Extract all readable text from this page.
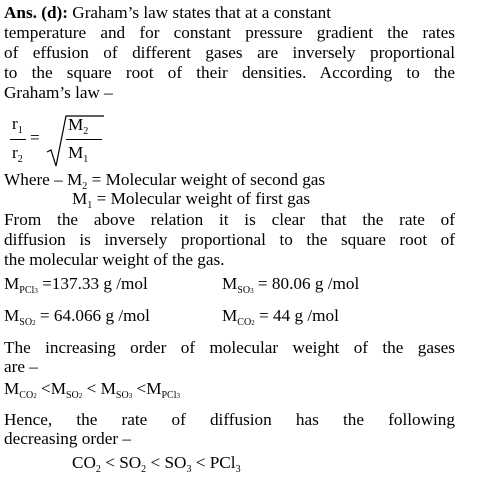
Ans. (d): Graham’s law states that at a constant
temperature and for constant pressure gradient the rates
of effusion of different gases are inversely proportional
to the square root of their densities. According to the
Graham’s law –
$r_1$
$r_2$
=
$M_2$
$M_1$
Where – $M_2$ = Molecular weight of second gas
$M_1$ = Molecular weight of first gas
From the above relation it is clear that the rate of
diffusion is inversely proportional to the square root of
the molecular weight of the gas.
$M_{PCl3} =137.33$ g /mol	$M_{SO3} = 80.06$ g /mol
$M_{SO2} = 64.066$ g /mol	$M_{CO2} = 44$ g /mol
The increasing order of molecular weight of the gases
are –
$M_{CO2} <M_{SO2} < M_{SO3} <M_{PCl3}$
Hence, the rate of diffusion has the following
decreasing order –
$CO_2 < SO_2 < SO_3 < PCl_3$
